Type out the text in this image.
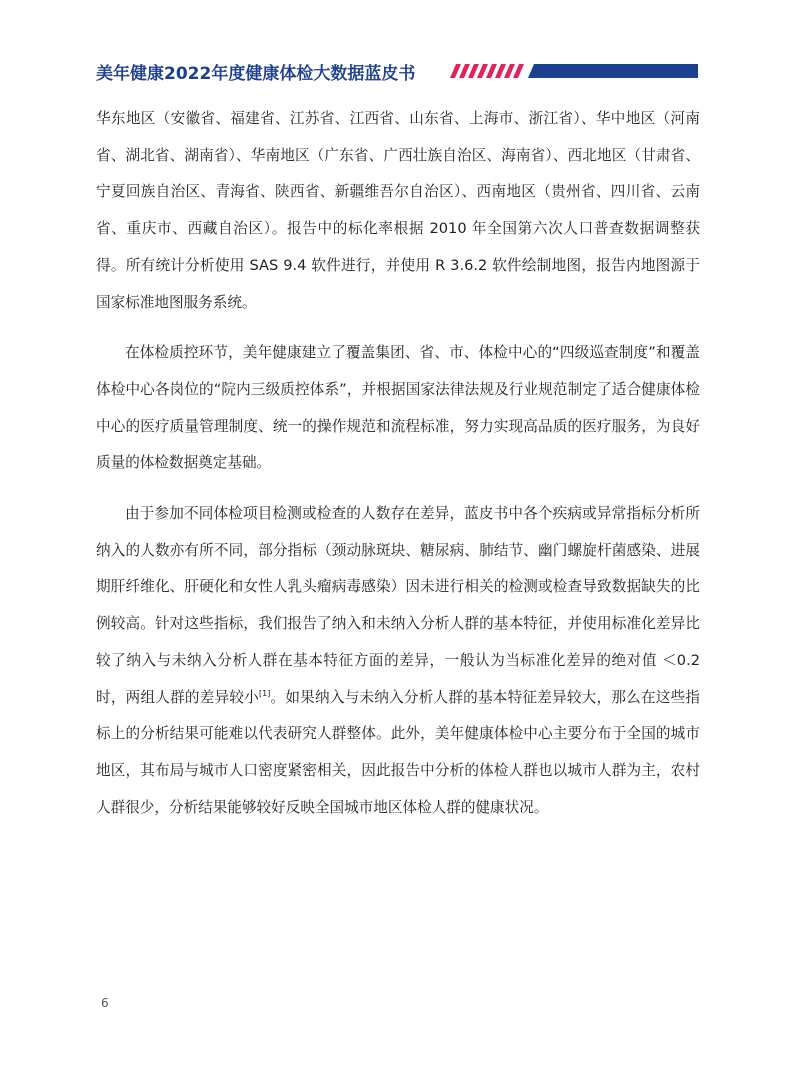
美年健康2022年度健康体检大数据蓝皮书

华东地区（安徽省、福建省、江苏省、江西省、山东省、上海市、浙江省）、华中地区（河南省、湖北省、湖南省）、华南地区（广东省、广西壮族自治区、海南省）、西北地区（甘肃省、宁夏回族自治区、青海省、陕西省、新疆维吾尔自治区）、西南地区（贵州省、四川省、云南省、重庆市、西藏自治区）。报告中的标化率根据 2010 年全国第六次人口普查数据调整获得。所有统计分析使用 SAS 9.4 软件进行，并使用 R 3.6.2 软件绘制地图，报告内地图源于国家标准地图服务系统。

在体检质控环节，美年健康建立了覆盖集团、省、市、体检中心的“四级巡查制度”和覆盖体检中心各岗位的“院内三级质控体系”，并根据国家法律法规及行业规范制定了适合健康体检中心的医疗质量管理制度、统一的操作规范和流程标准，努力实现高品质的医疗服务，为良好质量的体检数据奠定基础。

由于参加不同体检项目检测或检查的人数存在差异，蓝皮书中各个疾病或异常指标分析所纳入的人数亦有所不同，部分指标（颈动脉斑块、糖尿病、肺结节、幽门螺旋杆菌感染、进展期肝纤维化、肝硬化和女性人乳头瘤病毒感染）因未进行相关的检测或检查导致数据缺失的比例较高。针对这些指标，我们报告了纳入和未纳入分析人群的基本特征，并使用标准化差异比较了纳入与未纳入分析人群在基本特征方面的差异，一般认为当标准化差异的绝对值 ＜0.2 时，两组人群的差异较小[1]。如果纳入与未纳入分析人群的基本特征差异较大，那么在这些指标上的分析结果可能难以代表研究人群整体。此外，美年健康体检中心主要分布于全国的城市地区，其布局与城市人口密度紧密相关，因此报告中分析的体检人群也以城市人群为主，农村人群很少，分析结果能够较好反映全国城市地区体检人群的健康状况。

6
